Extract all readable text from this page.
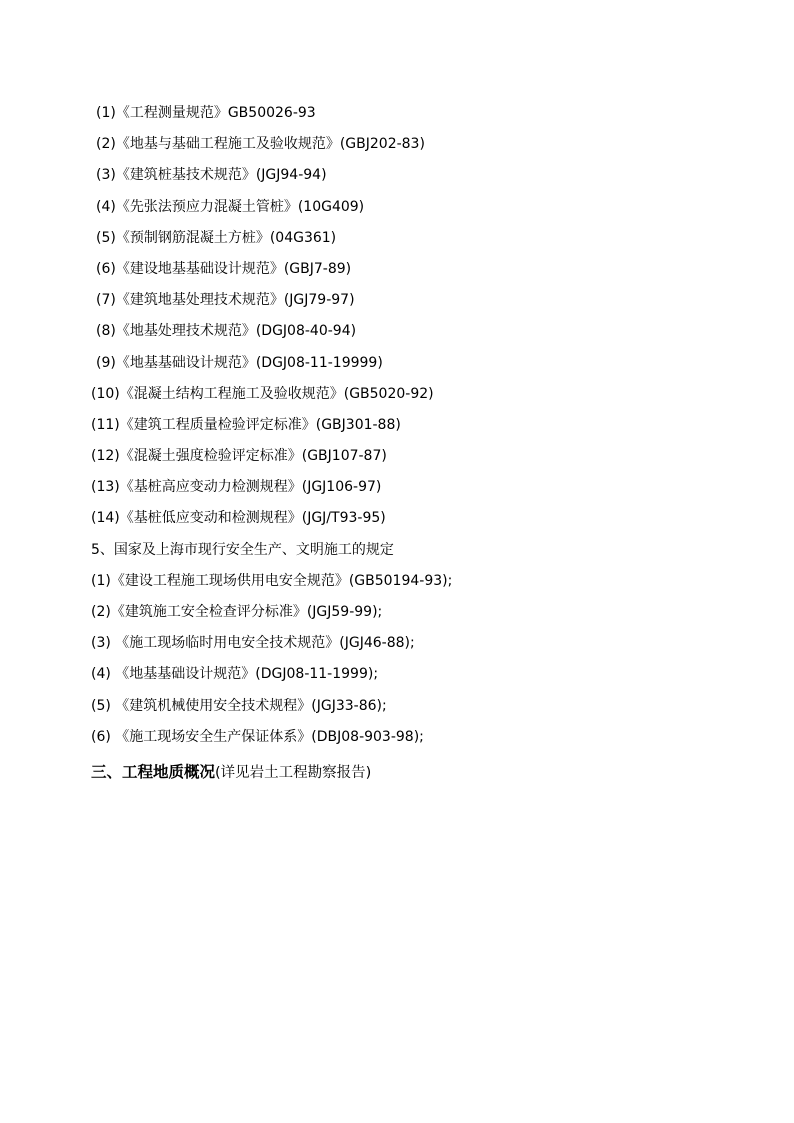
(1)《工程测量规范》GB50026-93
(2)《地基与基础工程施工及验收规范》(GBJ202-83)
(3)《建筑桩基技术规范》(JGJ94-94)
(4)《先张法预应力混凝土管桩》(10G409)
(5)《预制钢筋混凝土方桩》(04G361)
(6)《建设地基基础设计规范》(GBJ7-89)
(7)《建筑地基处理技术规范》(JGJ79-97)
(8)《地基处理技术规范》(DGJ08-40-94)
(9)《地基基础设计规范》(DGJ08-11-19999)
(10)《混凝土结构工程施工及验收规范》(GB5020-92)
(11)《建筑工程质量检验评定标准》(GBJ301-88)
(12)《混凝土强度检验评定标准》(GBJ107-87)
(13)《基桩高应变动力检测规程》(JGJ106-97)
(14)《基桩低应变动和检测规程》(JGJ/T93-95)
5、国家及上海市现行安全生产、文明施工的规定
(1)《建设工程施工现场供用电安全规范》(GB50194-93);
(2)《建筑施工安全检查评分标准》(JGJ59-99);
(3) 《施工现场临时用电安全技术规范》(JGJ46-88);
(4) 《地基基础设计规范》(DGJ08-11-1999);
(5) 《建筑机械使用安全技术规程》(JGJ33-86);
(6) 《施工现场安全生产保证体系》(DBJ08-903-98);
三、工程地质概况(详见岩土工程勘察报告)
